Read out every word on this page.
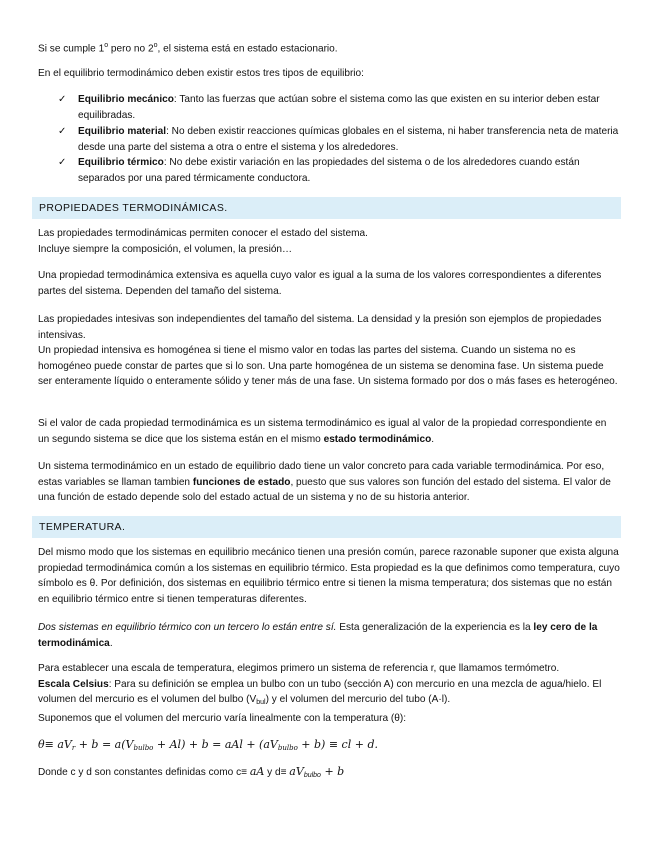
Si se cumple 1$^o$ pero no 2$^o$, el sistema está en estado estacionario.

En el equilibrio termodinámico deben existir estos tres tipos de equilibrio:

✓	Equilibrio mecánico: Tanto las fuerzas que actúan sobre el sistema como las que existen en su interior deben estar equilibradas.
✓	Equilibrio material: No deben existir reacciones químicas globales en el sistema, ni haber transferencia neta de materia desde una parte del sistema a otra o entre el sistema y los alrededores.
✓	Equilibrio térmico: No debe existir variación en las propiedades del sistema o de los alrededores cuando están separados por una pared térmicamente conductora.
PROPIEDADES TERMODINÁMICAS.

Las propiedades termodinámicas permiten conocer el estado del sistema.
Incluye siempre la composición, el volumen, la presión…

Una propiedad termodinámica extensiva es aquella cuyo valor es igual a la suma de los valores correspondientes a diferentes partes del sistema. Dependen del tamaño del sistema.

Las propiedades intesivas son independientes del tamaño del sistema. La densidad y la presión son ejemplos de propiedades intensivas.
Un propiedad intensiva es homogénea si tiene el mismo valor en todas las partes del sistema. Cuando un sistema no es homogéneo puede constar de partes que si lo son. Una parte homogénea de un sistema se denomina fase. Un sistema puede ser enteramente líquido o enteramente sólido y tener más de una fase. Un sistema formado por dos o más fases es heterogéneo.

Si el valor de cada propiedad termodinámica es un sistema termodinámico es igual al valor de la propiedad correspondiente en un segundo sistema se dice que los sistema están en el mismo estado termodinámico.

Un sistema termodinámico en un estado de equilibrio dado tiene un valor concreto para cada variable termodinámica. Por eso, estas variables se llaman tambien funciones de estado, puesto que sus valores son función del estado del sistema. El valor de una función de estado depende solo del estado actual de un sistema y no de su historia anterior.

TEMPERATURA.

Del mismo modo que los sistemas en equilibrio mecánico tienen una presión común, parece razonable suponer que exista alguna propiedad termodinámica común a los sistemas en equilibrio térmico. Esta propiedad es la que definimos como temperatura, cuyo símbolo es θ. Por definición, dos sistemas en equilibrio térmico entre si tienen la misma temperatura; dos sistemas que no están en equilibrio térmico entre si tienen temperaturas diferentes.

Dos sistemas en equilibrio térmico con un tercero lo están entre sí. Esta generalización de la experiencia es la ley cero de la termodinámica.

Para establecer una escala de temperatura, elegimos primero un sistema de referencia r, que llamamos termómetro.
Escala Celsius: Para su definición se emplea un bulbo con un tubo (sección A) con mercurio en una mezcla de agua/hielo. El volumen del mercurio es el volumen del bulbo $(V_{bul})$ y el volumen del mercurio del tubo (A·l).
Suponemos que el volumen del mercurio varía linealmente con la temperatura (θ):

$\theta\equiv aV_r + b = a(V_{bulbo} + Al) + b$ = aAl + $(aV_{bulbo} + b)$ ≡ cl + d.

Donde c y d son constantes definidas como c≡ aA y $d\equiv aV_{bulbo} + b$
